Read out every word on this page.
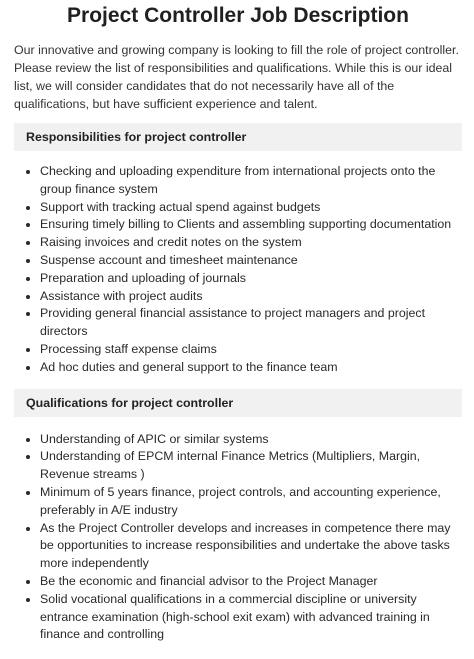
Project Controller Job Description

Our innovative and growing company is looking to fill the role of project controller. Please review the list of responsibilities and qualifications. While this is our ideal list, we will consider candidates that do not necessarily have all of the qualifications, but have sufficient experience and talent.

Responsibilities for project controller
Checking and uploading expenditure from international projects onto the group finance system
Support with tracking actual spend against budgets
Ensuring timely billing to Clients and assembling supporting documentation
Raising invoices and credit notes on the system
Suspense account and timesheet maintenance
Preparation and uploading of journals
Assistance with project audits
Providing general financial assistance to project managers and project directors
Processing staff expense claims
Ad hoc duties and general support to the finance team
Qualifications for project controller
Understanding of APIC or similar systems
Understanding of EPCM internal Finance Metrics (Multipliers, Margin, Revenue streams )
Minimum of 5 years finance, project controls, and accounting experience, preferably in A/E industry
As the Project Controller develops and increases in competence there may be opportunities to increase responsibilities and undertake the above tasks more independently
Be the economic and financial advisor to the Project Manager
Solid vocational qualifications in a commercial discipline or university entrance examination (high-school exit exam) with advanced training in finance and controlling
